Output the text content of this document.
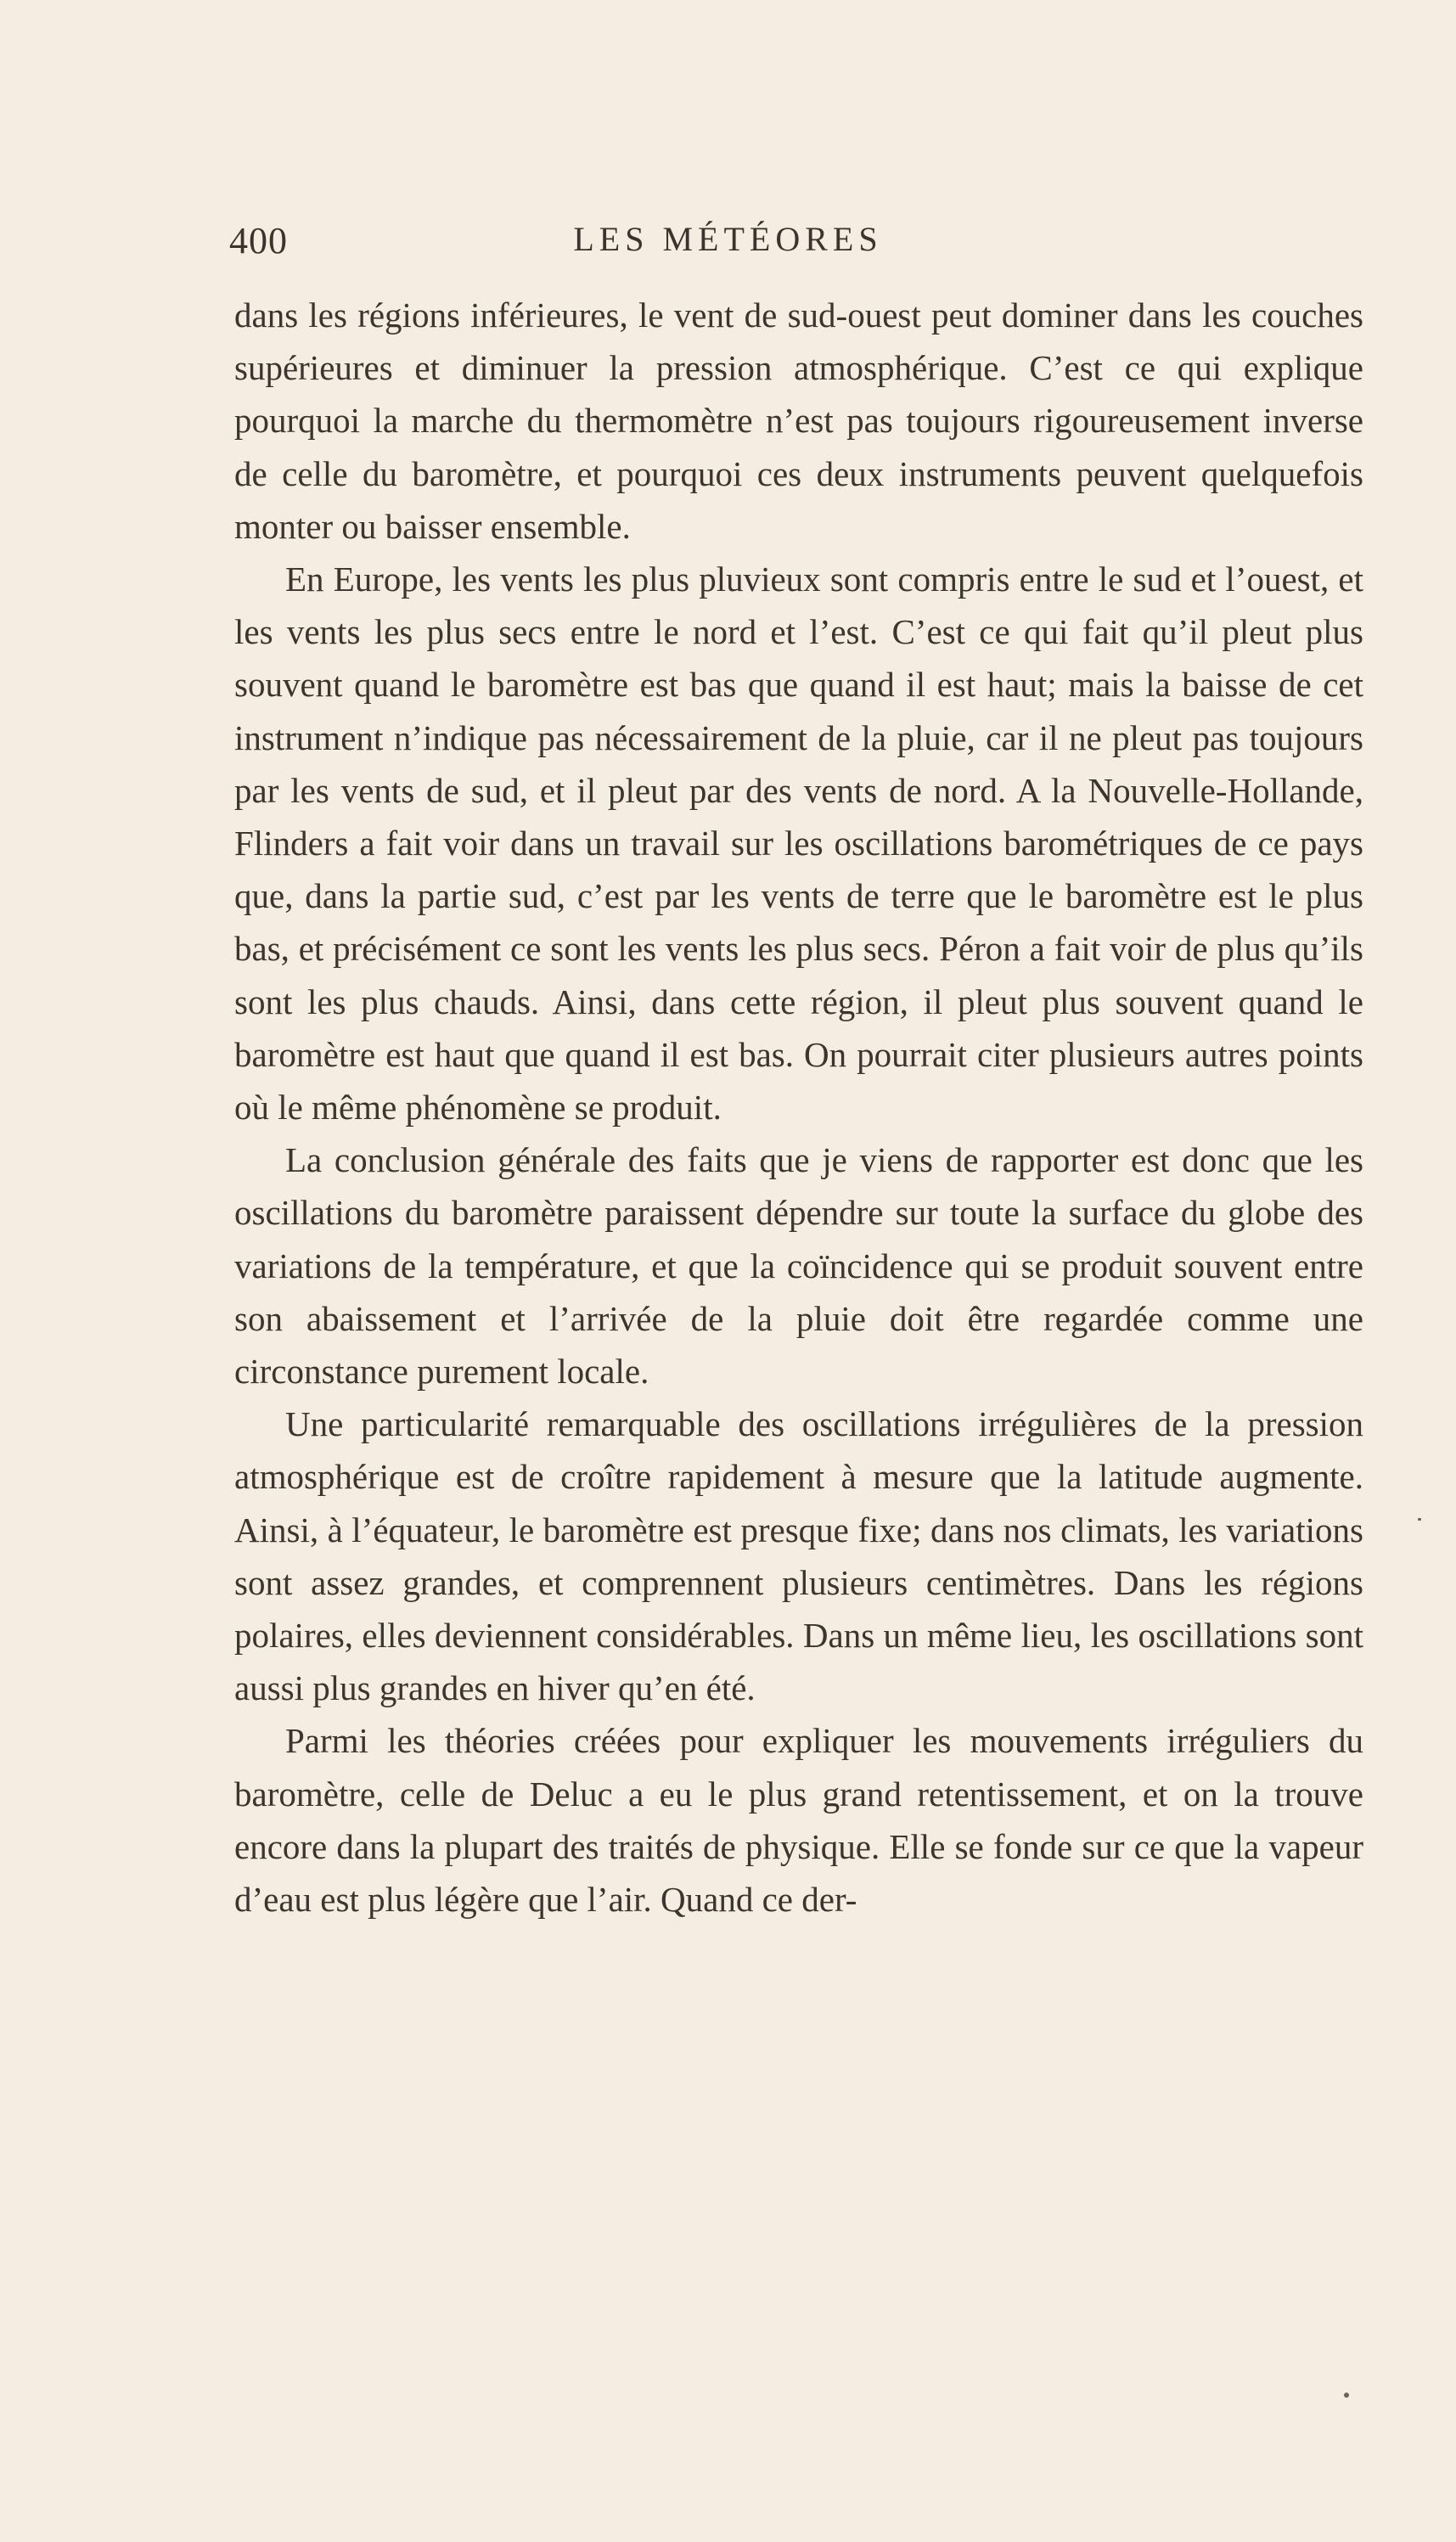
400	LES MÉTÉORES

dans les régions inférieures, le vent de sud-ouest peut dominer dans les couches supérieures et diminuer la pression atmosphérique. C’est ce qui explique pourquoi la marche du thermomètre n’est pas toujours rigoureusement inverse de celle du baromètre, et pourquoi ces deux instruments peuvent quelquefois monter ou baisser ensemble.

En Europe, les vents les plus pluvieux sont compris entre le sud et l’ouest, et les vents les plus secs entre le nord et l’est. C’est ce qui fait qu’il pleut plus souvent quand le baromètre est bas que quand il est haut; mais la baisse de cet instrument n’indique pas nécessairement de la pluie, car il ne pleut pas toujours par les vents de sud, et il pleut par des vents de nord. A la Nouvelle-Hollande, Flinders a fait voir dans un travail sur les oscillations barométriques de ce pays que, dans la partie sud, c’est par les vents de terre que le baromètre est le plus bas, et précisément ce sont les vents les plus secs. Péron a fait voir de plus qu’ils sont les plus chauds. Ainsi, dans cette région, il pleut plus souvent quand le baromètre est haut que quand il est bas. On pourrait citer plusieurs autres points où le même phénomène se produit.

La conclusion générale des faits que je viens de rapporter est donc que les oscillations du baromètre paraissent dépendre sur toute la surface du globe des variations de la température, et que la coïncidence qui se produit souvent entre son abaissement et l’arrivée de la pluie doit être regardée comme une circonstance purement locale.

Une particularité remarquable des oscillations irrégulières de la pression atmosphérique est de croître rapidement à mesure que la latitude augmente. Ainsi, à l’équateur, le baromètre est presque fixe; dans nos climats, les variations sont assez grandes, et comprennent plusieurs centimètres. Dans les régions polaires, elles deviennent considérables. Dans un même lieu, les oscillations sont aussi plus grandes en hiver qu’en été.

Parmi les théories créées pour expliquer les mouvements irréguliers du baromètre, celle de Deluc a eu le plus grand retentissement, et on la trouve encore dans la plupart des traités de physique. Elle se fonde sur ce que la vapeur d’eau est plus légère que l’air. Quand ce der-
